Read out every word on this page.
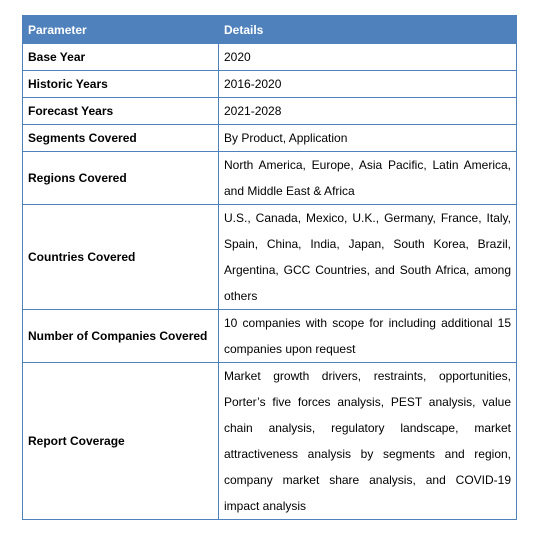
Parameter	Details
Base Year	2020
Historic Years	2016-2020
Forecast Years	2021-2028
Segments Covered	By Product, Application
Regions Covered	North America, Europe, Asia Pacific, Latin America, and Middle East & Africa
Countries Covered	U.S., Canada, Mexico, U.K., Germany, France, Italy, Spain, China, India, Japan, South Korea, Brazil, Argentina, GCC Countries, and South Africa, among others
Number of Companies Covered	10 companies with scope for including additional 15 companies upon request
Report Coverage	Market growth drivers, restraints, opportunities, Porter’s five forces analysis, PEST analysis, value chain analysis, regulatory landscape, market attractiveness analysis by segments and region, company market share analysis, and COVID-19 impact analysis
